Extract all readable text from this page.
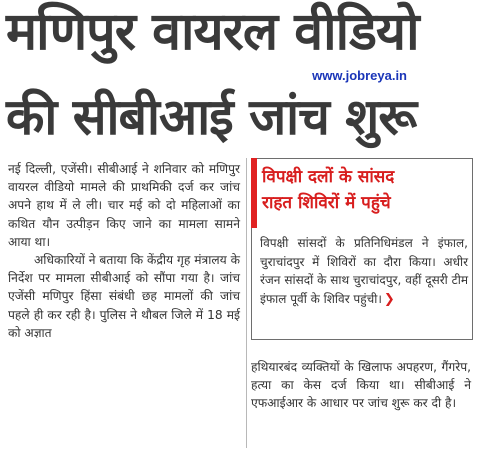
मणिपुर वायरल वीडियो
www.jobreya.in
की सीबीआई जांच शुरू

नई दिल्ली, एजेंसी। सीबीआई ने शनिवार को मणिपुर वायरल वीडियो मामले की प्राथमिकी दर्ज कर जांच अपने हाथ में ले ली। चार मई को दो महिलाओं का कथित यौन उत्पीड़न किए जाने का मामला सामने आया था।

अधिकारियों ने बताया कि केंद्रीय गृह मंत्रालय के निर्देश पर मामला सीबीआई को सौंपा गया है। जांच एजेंसी मणिपुर हिंसा संबंधी छह मामलों की जांच पहले ही कर रही है। पुलिस ने थौबल जिले में 18 मई को अज्ञात

विपक्षी दलों के सांसद
राहत शिविरों में पहुंचे
विपक्षी सांसदों के प्रतिनिधिमंडल ने इंफाल, चुराचांदपुर में शिविरों का दौरा किया। अधीर रंजन सांसदों के साथ चुराचांदपुर, वहीं दूसरी टीम इंफाल पूर्वी के शिविर पहुंची। ❯
हथियारबंद व्यक्तियों के खिलाफ अपहरण, गैंगरेप, हत्या का केस दर्ज किया था। सीबीआई ने एफआईआर के आधार पर जांच शुरू कर दी है।
